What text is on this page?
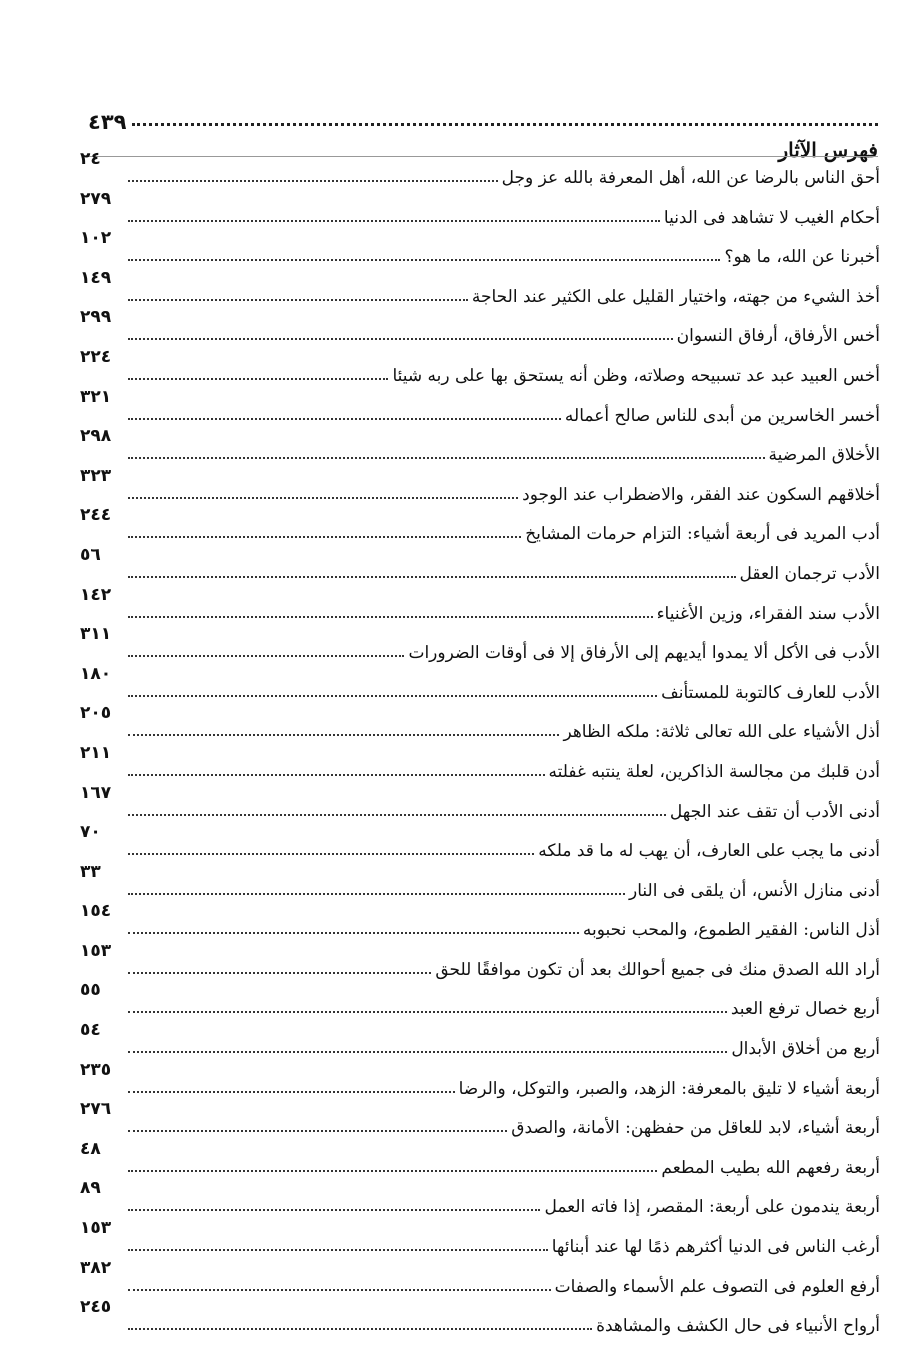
٤٣٩
فهرس الآثار
أحق الناس بالرضا عن الله، أهل المعرفة بالله عز وجل
٢٤
أحكام الغيب لا تشاهد فى الدنيا
٢٧٩
أخبرنا عن الله، ما هو؟
١٠٢
أخذ الشيء من جهته، واختيار القليل على الكثير عند الحاجة
١٤٩
أخس الأرفاق، أرفاق النسوان
٢٩٩
أخس العبيد عبد عد تسبيحه وصلاته، وظن أنه يستحق بها على ربه شيئا
٢٢٤
أخسر الخاسرين من أبدى للناس صالح أعماله
٣٢١
الأخلاق المرضية
٢٩٨
أخلاقهم السكون عند الفقر، والاضطراب عند الوجود
٣٢٣
أدب المريد فى أربعة أشياء: التزام حرمات المشايخ
٢٤٤
الأدب ترجمان العقل
٥٦
الأدب سند الفقراء، وزين الأغنياء
١٤٢
الأدب فى الأكل ألا يمدوا أيديهم إلى الأرفاق إلا فى أوقات الضرورات
٣١١
الأدب للعارف كالتوبة للمستأنف
١٨٠
أذل الأشياء على الله تعالى ثلاثة: ملكه الظاهر
٢٠٥
أدن قلبك من مجالسة الذاكرين، لعلة ينتبه غفلته
٢١١
أدنى الأدب أن تقف عند الجهل
١٦٧
أدنى ما يجب على العارف، أن يهب له ما قد ملكه
٧٠
أدنى منازل الأنس، أن يلقى فى النار
٣٣
أذل الناس: الفقير الطموع، والمحب نحبوبه
١٥٤
أراد الله الصدق منك فى جميع أحوالك بعد أن تكون موافقًا للحق
١٥٣
أربع خصال ترفع العبد
٥٥
أربع من أخلاق الأبدال
٥٤
أربعة أشياء لا تليق بالمعرفة: الزهد، والصبر، والتوكل، والرضا
٢٣٥
أربعة أشياء، لابد للعاقل من حفظهن: الأمانة، والصدق
٢٧٦
أربعة رفعهم الله بطيب المطعم
٤٨
أربعة يندمون على أربعة: المقصر، إذا فاته العمل
٨٩
أرغب الناس فى الدنيا أكثرهم ذمًا لها عند أبنائها
١٥٣
أرفع العلوم فى التصوف علم الأسماء والصفات
٣٨٢
أرواح الأنبياء فى حال الكشف والمشاهدة
٢٤٥
